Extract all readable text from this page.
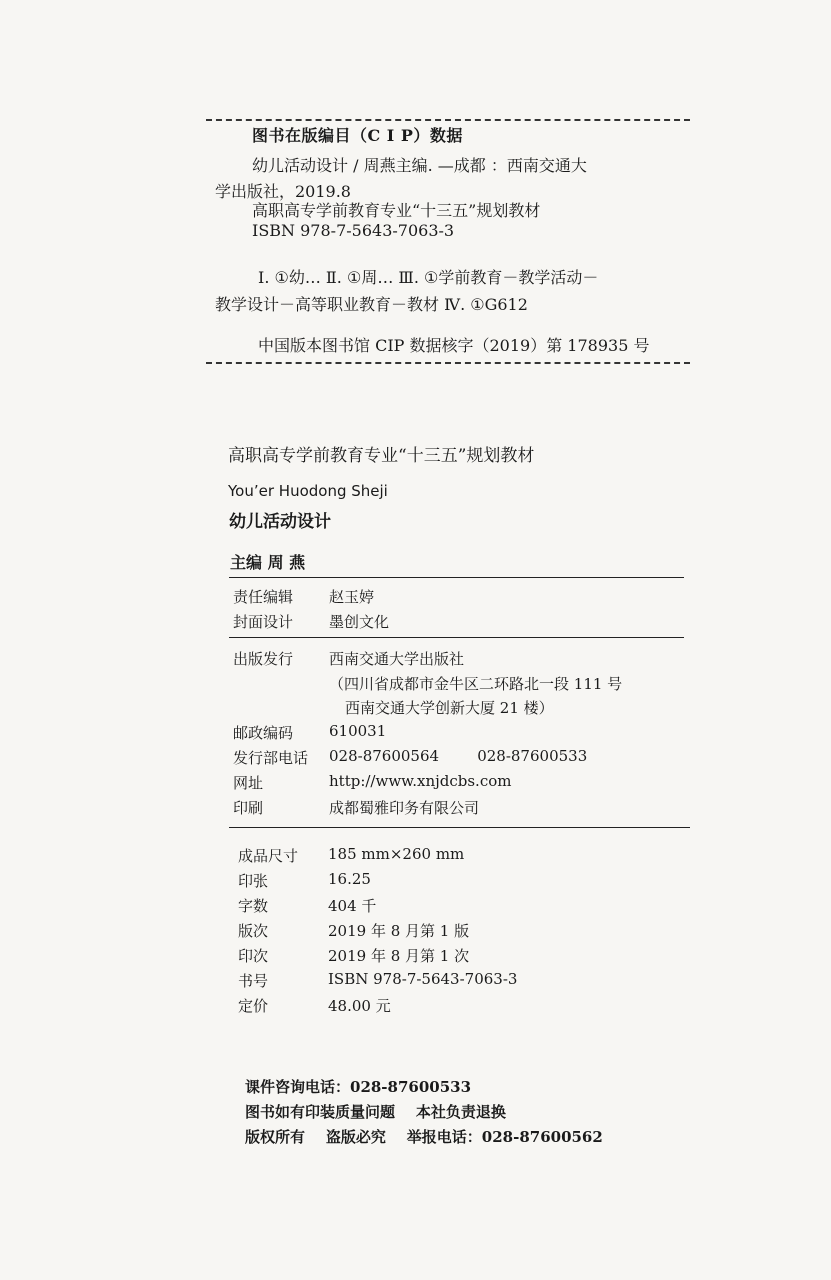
图书在版编目（C I P）数据
幼儿活动设计 / 周燕主编. —成都 ：西南交通大
学出版社，2019.8
高职高专学前教育专业“十三五”规划教材
ISBN 978-7-5643-7063-3
Ⅰ. ①幼… Ⅱ. ①周… Ⅲ. ①学前教育－教学活动－
教学设计－高等职业教育－教材 Ⅳ. ①G612
中国版本图书馆 CIP 数据核字（2019）第 178935 号
高职高专学前教育专业“十三五”规划教材
You’er Huodong Sheji
幼儿活动设计
主编 周 燕
责任编辑 赵玉婷
封面设计 墨创文化
出版发行 西南交通大学出版社
（四川省成都市金牛区二环路北一段 111 号
西南交通大学创新大厦 21 楼）
邮政编码 610031
发行部电话 028-87600564        028-87600533
网址	http://www.xnjdcbs.com
印刷	成都蜀雅印务有限公司
成品尺寸 185 mm×260 mm
印张	16.25
字数	404 千
版次	2019 年 8 月第 1 版
印次	2019 年 8 月第 1 次
书号	ISBN 978-7-5643-7063-3
定价	48.00 元
课件咨询电话：028-87600533
图书如有印装质量问题    本社负责退换
版权所有    盗版必究    举报电话：028-87600562
